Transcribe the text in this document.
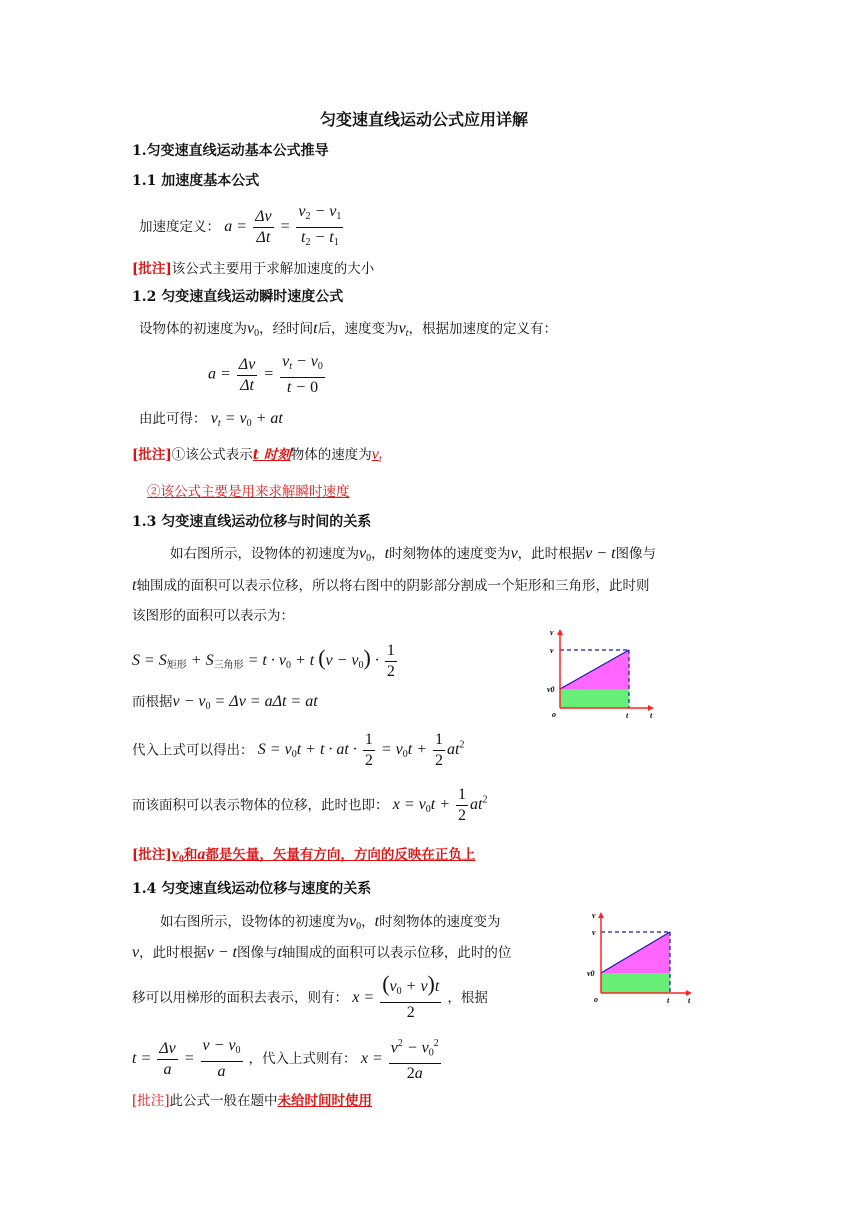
匀变速直线运动公式应用详解
1.匀变速直线运动基本公式推导
1.1 加速度基本公式
加速度定义： $a = \frac{\Delta v}{\Delta t} = \frac{v_2 - v_1}{t_2 - t_1}$
[批注]该公式主要用于求解加速度的大小
1.2 匀变速直线运动瞬时速度公式
设物体的初速度为$v_0$，经时间t后，速度变为$v_t$，根据加速度的定义有：
$a = \frac{\Delta v}{\Delta t} = \frac{v_t - v_0}{t - 0}$
由此可得： $v_t = v_0$ + at
[批注]①该公式表示t 时刻物体的速度为$v_t$
②该公式主要是用来求解瞬时速度
1.3 匀变速直线运动位移与时间的关系
如右图所示，设物体的初速度为$v_0$，t时刻物体的速度变为v，此时根据v − t图像与
t轴围成的面积可以表示位移，所以将右图中的阴影部分割成一个矩形和三角形，此时则
该图形的面积可以表示为：
$S = S_{矩形} + S_{三角形} = t \cdot v_0 + t$ $(v - v_0) \cdot \frac{1}{2}$
而根据$v - v_0 = \Delta v = a\Delta t$ = at
代入上式可以得出： $S = v_0t + t$ · at · $\frac{1}{2} = v_0t + \frac{1}{2} at^2$
而该面积可以表示物体的位移，此时也即： $x = v_0t + \frac{1}{2} at^2$
[批注]$v_0$和a都是矢量，矢量有方向，方向的反映在正负上
1.4 匀变速直线运动位移与速度的关系
如右图所示，设物体的初速度为$v_0$，t时刻物体的速度变为
v，此时根据v − t图像与t轴围成的面积可以表示位移，此时的位
移可以用梯形的面积去表示，则有： $x = \frac{(v_0 + v)t}{2}$ ，根据
$t = \frac{\Delta v}{a} = \frac{v - v_0}{a}$ ，代入上式则有： $x = \frac{v^2 - v_0^2}{2a}$
[批注]此公式一般在题中未给时间时使用
v
v
v0
o	t	t
v
v
v0
o	t t
